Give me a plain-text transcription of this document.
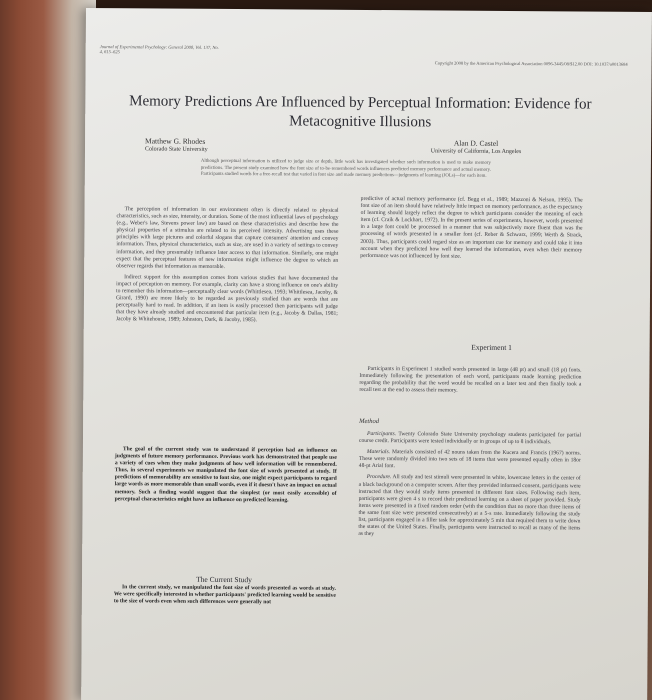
Journal of Experimental Psychology: General 2008, Vol. 137, No. 4, 615–625
Copyright 2008 by the American Psychological Association 0096-3445/08/$12.00 DOI: 10.1037/a0013684
Memory Predictions Are Influenced by Perceptual Information: Evidence for Metacognitive Illusions
Matthew G. Rhodes
Colorado State University
Alan D. Castel
University of California, Los Angeles

Although perceptual information is utilized to judge size or depth, little work has investigated whether such information is used to make memory predictions. The present study examined how the font size of to-be-remembered words influences predicted memory performance and actual memory. Participants studied words for a free-recall test that varied in font size and made memory predictions—judgments of learning (JOLs)—for each item.

The perception of information in our environment often is directly related to physical characteristics, such as size, intensity, or duration. Some of the most influential laws of psychology (e.g., Weber's law, Stevens power law) are based on these characteristics and describe how the physical properties of a stimulus are related to its perceived intensity. Advertising uses these principles with large pictures and colorful slogans that capture consumers' attention and convey information. Thus, physical characteristics, such as size, are used in a variety of settings to convey information, and they presumably influence later access to that information. Similarly, one might expect that the perceptual features of new information might influence the degree to which an observer regards that information as memorable.

Indirect support for this assumption comes from various studies that have documented the impact of perception on memory. For example, clarity can have a strong influence on one's ability to remember this information—perceptually clear words (Whittlesea, 1993; Whittlesea, Jacoby, & Girard, 1990) are more likely to be regarded as previously studied than are words that are perceptually hard to read. In addition, if an item is easily processed then participants will judge that they have already studied and encountered that particular item (e.g., Jacoby & Dallas, 1981; Jacoby & Whitehouse, 1989; Johnston, Dark, & Jacoby, 1985).

The goal of the current study was to understand if perception had an influence on judgments of future memory performance. Previous work has demonstrated that people use a variety of cues when they make judgments of how well information will be remembered. Thus, in several experiments we manipulated the font size of words presented at study. If predictions of memorability are sensitive to font size, one might expect participants to regard large words as more memorable than small words, even if it doesn't have an impact on actual memory. Such a finding would suggest that the simplest (or most easily accessible) of perceptual characteristics might have an influence on predicted learning.

The Current Study

In the current study, we manipulated the font size of words presented as words at study. We were specifically interested in whether participants' predicted learning would be sensitive to the size of words even when such differences were generally not

predictive of actual memory performance (cf. Begg et al., 1989; Mazzoni & Nelson, 1995). The font size of an item should have relatively little impact on memory performance, as the expectancy of learning should largely reflect the degree to which participants consider the meaning of each item (cf. Craik & Lockhart, 1972). In the present series of experiments, however, words presented in a large font could be processed in a manner that was subjectively more fluent than was the processing of words presented in a smaller font (cf. Reber & Schwarz, 1999; Werth & Strack, 2003). Thus, participants could regard size as an important cue for memory and could take it into account when they predicted how well they learned the information, even when their memory performance was not influenced by font size.

Experiment 1

Participants in Experiment 1 studied words presented in large (48 pt) and small (18 pt) fonts. Immediately following the presentation of each word, participants made learning prediction regarding the probability that the word would be recalled on a later test and then finally took a recall test at the end to assess their memory.

Method

Participants. Twenty Colorado State University psychology students participated for partial course credit. Participants were tested individually or in groups of up to 8 individuals.

Materials. Materials consisted of 42 nouns taken from the Kucera and Francis (1967) norms. These were randomly divided into two sets of 18 items that were presented equally often in 18or 48-pt Arial font.

Procedure. All study and test stimuli were presented in white, lowercase letters in the center of a black background on a computer screen. After they provided informed consent, participants were instructed that they would study items presented in different font sizes. Following each item, participants were given 4 s to record their predicted learning on a sheet of paper provided. Study items were presented in a fixed random order (with the condition that no more than three items of the same font size were presented consecutively) at a 5-s rate. Immediately following the study list, participants engaged in a filler task for approximately 5 min that required them to write down the states of the United States. Finally, participants were instructed to recall as many of the items as they
